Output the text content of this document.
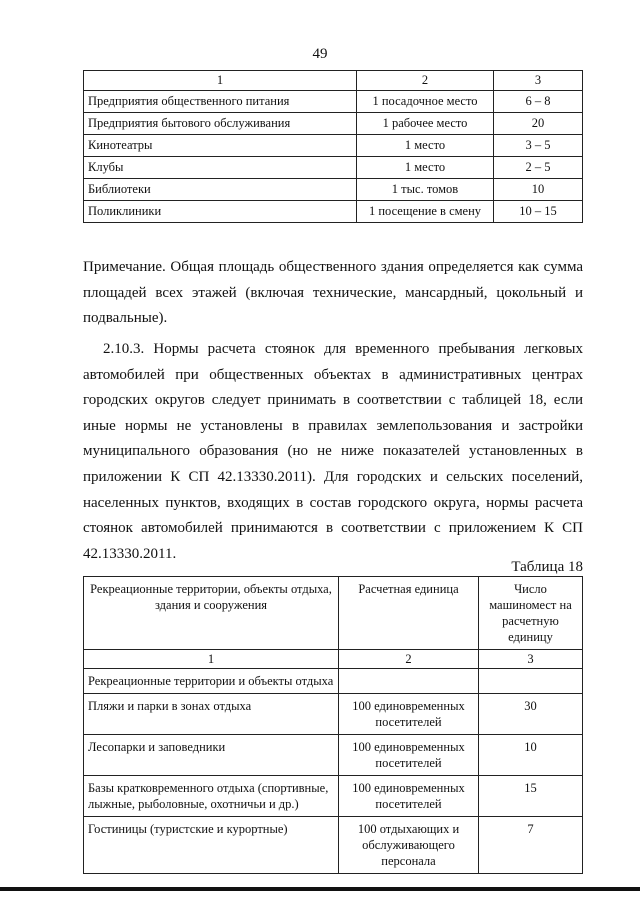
49
1	2	3
Предприятия общественного питания	1 посадочное место	6 – 8
Предприятия бытового обслуживания	1 рабочее место	20
Кинотеатры	1 место	3 – 5
Клубы	1 место	2 – 5
Библиотеки	1 тыс. томов	10
Поликлиники	1 посещение в смену	10 – 15

Примечание. Общая площадь общественного здания определяется как сумма площадей всех этажей (включая технические, мансардный, цокольный и подвальные).

2.10.3. Нормы расчета стоянок для временного пребывания легковых автомобилей при общественных объектах в административных центрах городских округов следует принимать в соответствии с таблицей 18, если иные нормы не установлены в правилах землепользования и застройки муниципального образования (но не ниже показателей установленных в приложении К СП 42.13330.2011). Для городских и сельских поселений, населенных пунктов, входящих в состав городского округа, нормы расчета стоянок автомобилей принимаются в соответствии с приложением К СП 42.13330.2011.

Таблица 18
Рекреационные территории, объекты отдыха, здания и сооружения	Расчетная единица	Число машиномест на расчетную единицу
1	2	3
Рекреационные территории и объекты отдыха		
Пляжи и парки в зонах отдыха	100 единовременных посетителей	30
Лесопарки и заповедники	100 единовременных посетителей	10
Базы кратковременного отдыха (спортивные, лыжные, рыболовные, охотничьи и др.)	100 единовременных посетителей	15
Гостиницы (туристские и курортные)	100 отдыхающих и обслуживающего персонала	7
